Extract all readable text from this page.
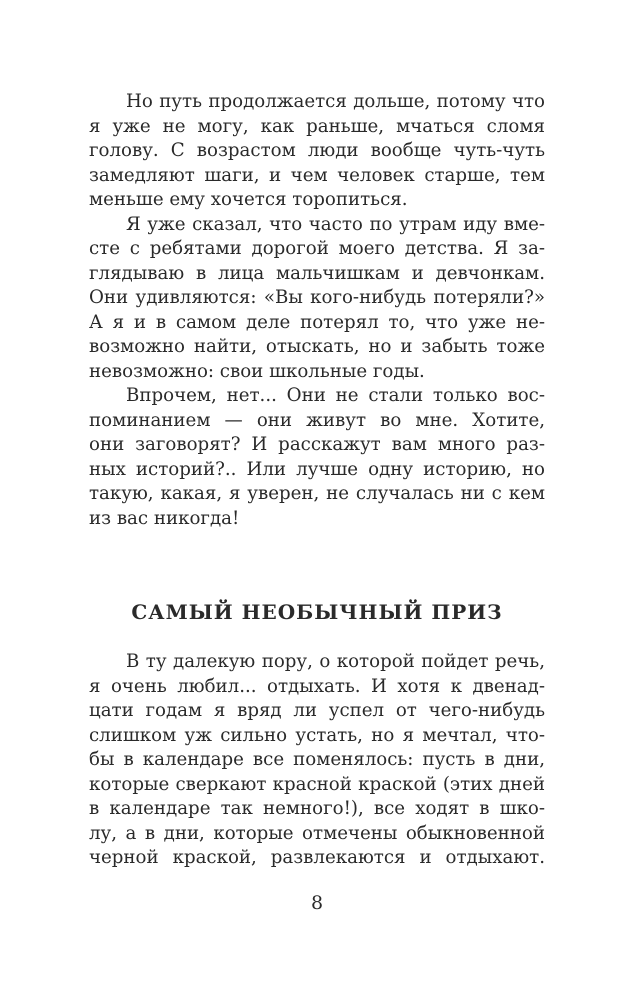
Но путь продолжается дольше, потому что
я уже не могу, как раньше, мчаться сломя
голову. С возрастом люди вообще чуть-чуть
замедляют шаги, и чем человек старше, тем
меньше ему хочется торопиться.
Я уже сказал, что часто по утрам иду вме-
сте с ребятами дорогой моего детства. Я за-
глядываю в лица мальчишкам и девчонкам.
Они удивляются: «Вы кого-нибудь потеряли?»
А я и в самом деле потерял то, что уже не-
возможно найти, отыскать, но и забыть тоже
невозможно: свои школьные годы.
Впрочем, нет... Они не стали только вос-
поминанием — они живут во мне. Хотите,
они заговорят? И расскажут вам много раз-
ных историй?.. Или лучше одну историю, но
такую, какая, я уверен, не случалась ни с кем
из вас никогда!
САМЫЙ НЕОБЫЧНЫЙ ПРИЗ
В ту далекую пору, о которой пойдет речь,
я очень любил... отдыхать. И хотя к двенад-
цати годам я вряд ли успел от чего-нибудь
слишком уж сильно устать, но я мечтал, что-
бы в календаре все поменялось: пусть в дни,
которые сверкают красной краской (этих дней
в календаре так немного!), все ходят в шко-
лу, а в дни, которые отмечены обыкновенной
черной краской, развлекаются и отдыхают.
8
